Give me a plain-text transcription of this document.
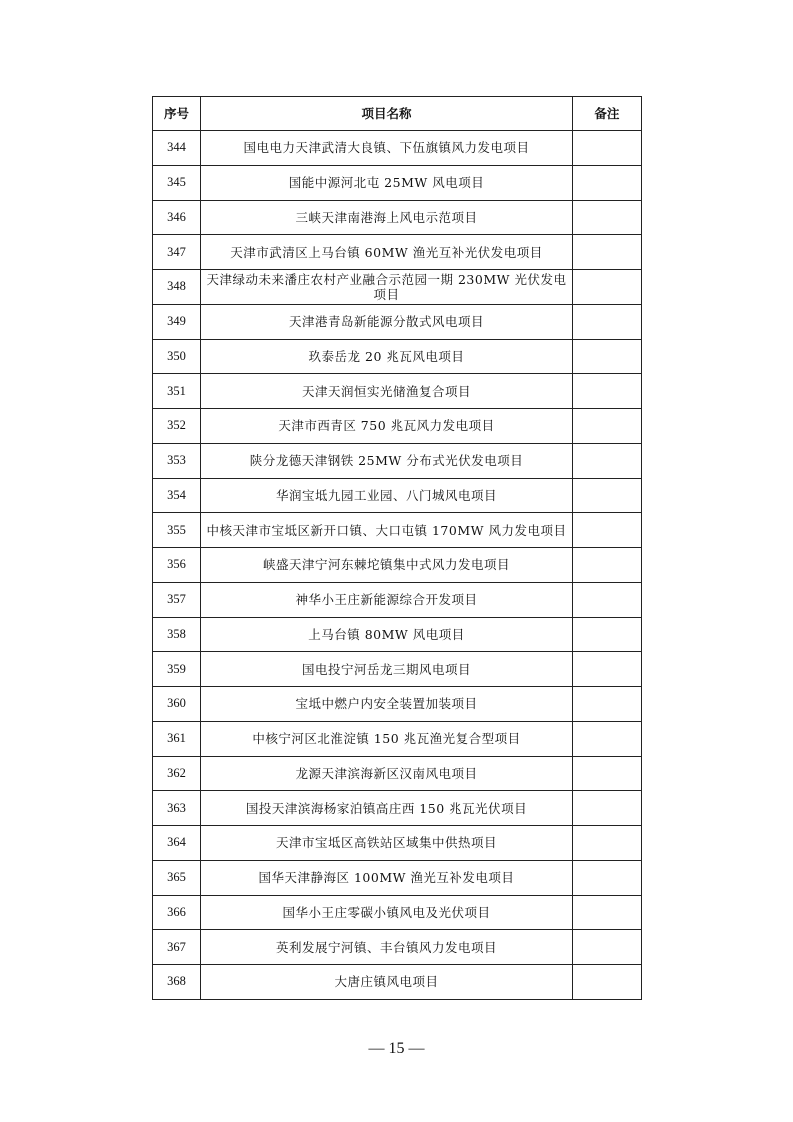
序号	项目名称	备注
344	国电电力天津武清大良镇、下伍旗镇风力发电项目	
345	国能中源河北屯 25MW 风电项目	
346	三峡天津南港海上风电示范项目	
347	天津市武清区上马台镇 60MW 渔光互补光伏发电项目	
348	天津绿动未来潘庄农村产业融合示范园一期 230MW 光伏发电项目	
349	天津港青岛新能源分散式风电项目	
350	玖泰岳龙 20 兆瓦风电项目	
351	天津天润恒实光储渔复合项目	
352	天津市西青区 750 兆瓦风力发电项目	
353	陕分龙德天津钢铁 25MW 分布式光伏发电项目	
354	华润宝坻九园工业园、八门城风电项目	
355	中核天津市宝坻区新开口镇、大口屯镇 170MW 风力发电项目	
356	峡盛天津宁河东棘坨镇集中式风力发电项目	
357	神华小王庄新能源综合开发项目	
358	上马台镇 80MW 风电项目	
359	国电投宁河岳龙三期风电项目	
360	宝坻中燃户内安全装置加装项目	
361	中核宁河区北淮淀镇 150 兆瓦渔光复合型项目	
362	龙源天津滨海新区汉南风电项目	
363	国投天津滨海杨家泊镇高庄西 150 兆瓦光伏项目	
364	天津市宝坻区高铁站区域集中供热项目	
365	国华天津静海区 100MW 渔光互补发电项目	
366	国华小王庄零碳小镇风电及光伏项目	
367	英利发展宁河镇、丰台镇风力发电项目	
368	大唐庄镇风电项目	
— 15 —
